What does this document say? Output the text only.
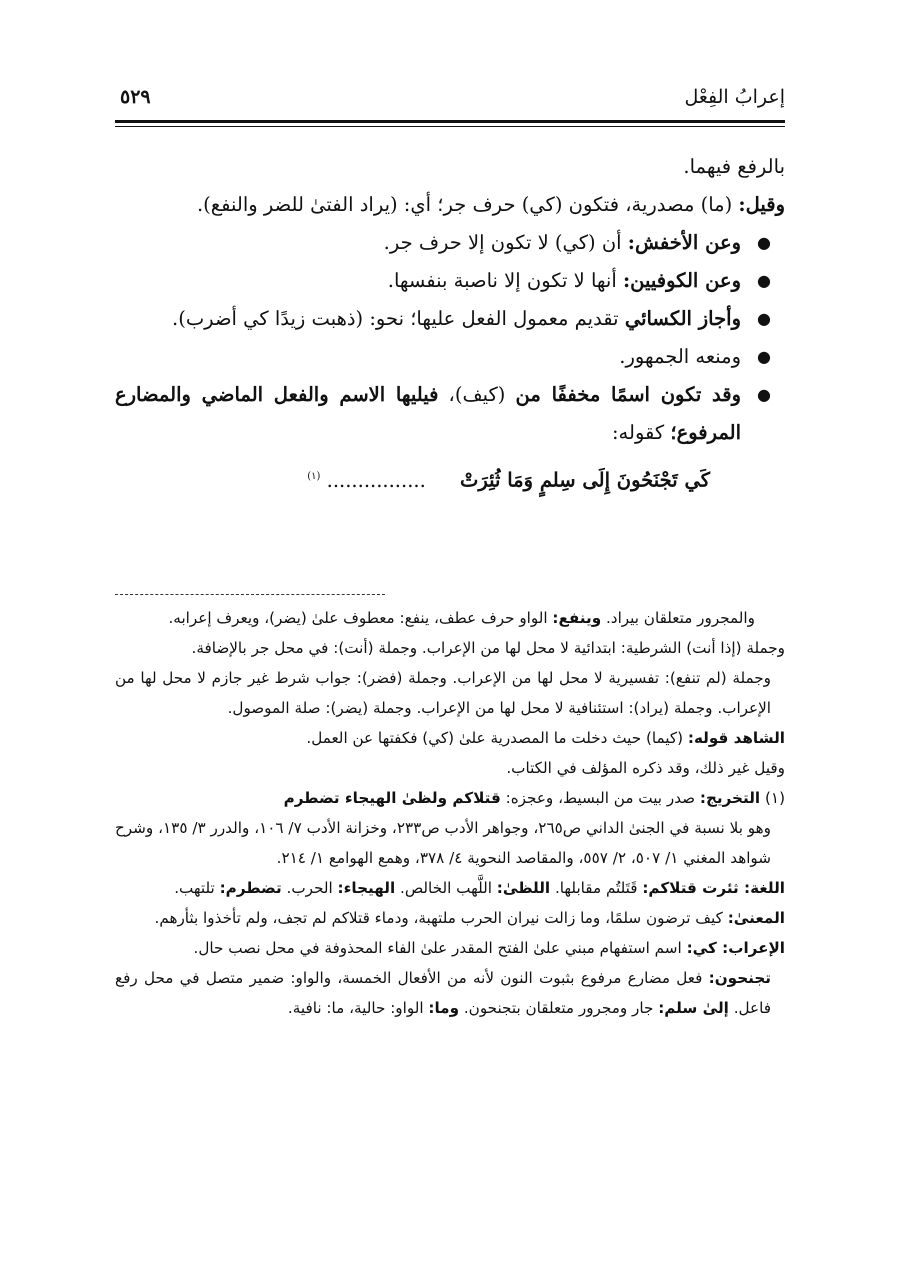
إعرابُ الفِعْل
٥٢٩

بالرفع فيهما.

وقيل: (ما) مصدرية، فتكون (كي) حرف جر؛ أي: (يراد الفتىٰ للضر والنفع).

●
وعن الأخفش: أن (كي) لا تكون إلا حرف جر.
●
وعن الكوفيين: أنها لا تكون إلا ناصبة بنفسها.
●
وأجاز الكسائي تقديم معمول الفعل عليها؛ نحو: (ذهبت زيدًا كي أضرب).
●
ومنعه الجمهور.
●
وقد تكون اسمًا مخففًا من (كيف)، فيليها الاسم والفعل الماضي والمضارع المرفوع؛ كقوله:
كَي تَجْنَحُونَ إِلَى سِلمٍ وَمَا ثُئِرَتْ ................ $^{(١)}$

والمجرور متعلقان بيراد. وينفع: الواو حرف عطف، ينفع: معطوف علىٰ (يضر)، ويعرف إعرابه.

وجملة (إذا أنت) الشرطية: ابتدائية لا محل لها من الإعراب. وجملة (أنت): في محل جر بالإضافة.

وجملة (لم تنفع): تفسيرية لا محل لها من الإعراب. وجملة (فضر): جواب شرط غير جازم لا محل لها من الإعراب. وجملة (يراد): استئنافية لا محل لها من الإعراب. وجملة (يضر): صلة الموصول.

الشاهد قوله: (كيما) حيث دخلت ما المصدرية علىٰ (كي) فكفتها عن العمل.

وقيل غير ذلك، وقد ذكره المؤلف في الكتاب.

(١) التخريج: صدر بيت من البسيط، وعجزه: قتلاكم ولظىٰ الهيجاء تضطرم

وهو بلا نسبة في الجنىٰ الداني ص٢٦٥، وجواهر الأدب ص٢٣٣، وخزانة الأدب ٧/ ١٠٦، والدرر ٣/ ١٣٥، وشرح شواهد المغني ١/ ٥٠٧، ٢/ ٥٥٧، والمقاصد النحوية ٤/ ٣٧٨، وهمع الهوامع ١/ ٢١٤.

اللغة: ثئرت قتلاكم: قَتَلتُم مقابلها. اللظىٰ: اللَّهب الخالص. الهيجاء: الحرب. تضطرم: تلتهب.

المعنىٰ: كيف ترضون سلمًا، وما زالت نيران الحرب ملتهبة، ودماء قتلاكم لم تجف، ولم تأخذوا بثأرهم.

الإعراب: كي: اسم استفهام مبني علىٰ الفتح المقدر علىٰ الفاء المحذوفة في محل نصب حال.

تجنحون: فعل مضارع مرفوع بثبوت النون لأنه من الأفعال الخمسة، والواو: ضمير متصل في محل رفع فاعل. إلىٰ سلم: جار ومجرور متعلقان بتجنحون. وما: الواو: حالية، ما: نافية.
